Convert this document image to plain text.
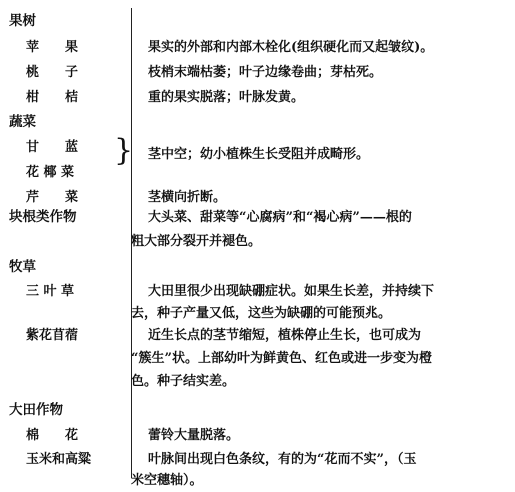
果树
苹　　果
桃　　子
柑　　桔
蔬菜
甘　　蓝
花 椰 菜
}
芹　　菜
块根类作物
牧草
三 叶 草
紫花苜蓿
大田作物
棉　　花
玉米和高粱
果实的外部和内部木栓化(组织硬化而又起皱纹)。
枝梢末端枯萎；叶子边缘卷曲；芽枯死。
重的果实脱落；叶脉发黄。
茎中空；幼小植株生长受阻并成畸形。
茎横向折断。
大头菜、甜菜等“心腐病”和“褐心病”——根的
粗大部分裂开并褪色。
大田里很少出现缺硼症状。如果生长差，并持续下
去，种子产量又低，这些为缺硼的可能预兆。
近生长点的茎节缩短，植株停止生长，也可成为
“簇生”状。上部幼叶为鲜黄色、红色或进一步变为橙
色。种子结实差。
蕾铃大量脱落。
叶脉间出现白色条纹，有的为“花而不实”，（玉
米空穗轴）。
